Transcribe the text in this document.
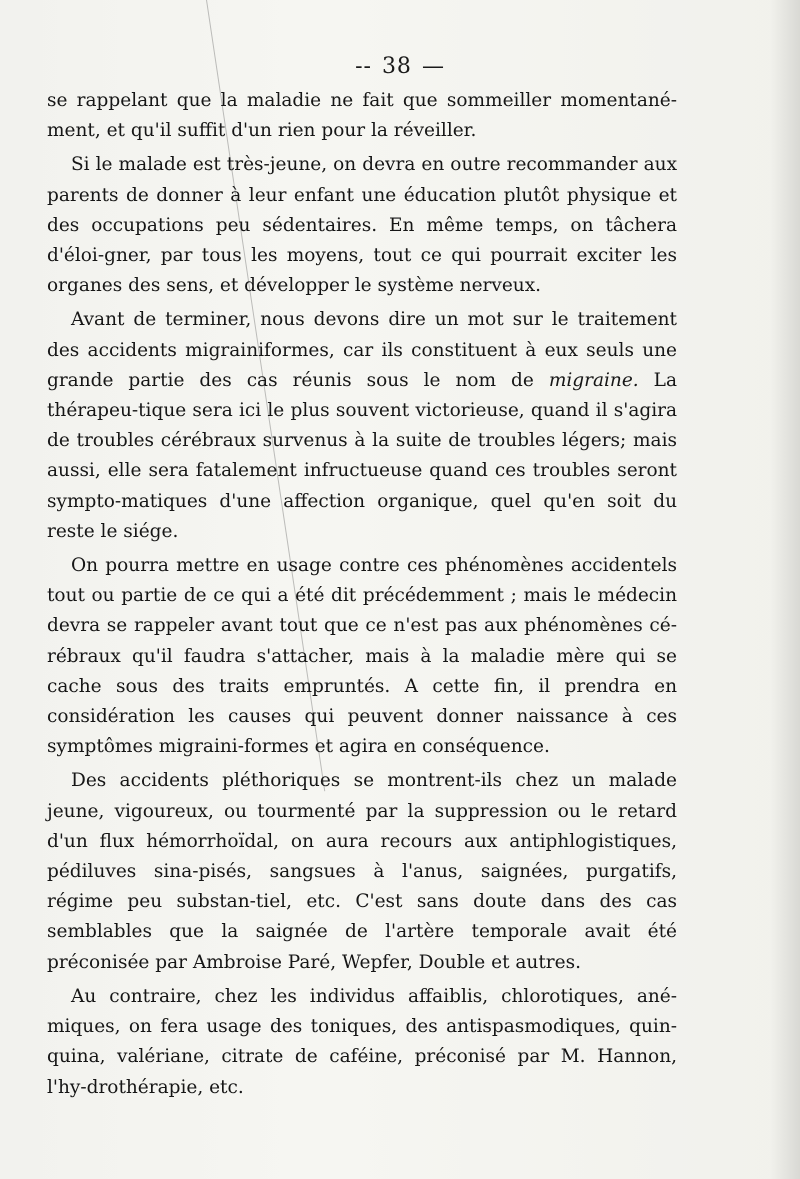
-- 38 —

se rappelant que la maladie ne fait que sommeiller momentané-ment, et qu'il suffit d'un rien pour la réveiller.

Si le malade est très-jeune, on devra en outre recommander aux parents de donner à leur enfant une éducation plutôt physique et des occupations peu sédentaires. En même temps, on tâchera d'éloi-gner, par tous les moyens, tout ce qui pourrait exciter les organes des sens, et développer le système nerveux.

Avant de terminer, nous devons dire un mot sur le traitement des accidents migrainiformes, car ils constituent à eux seuls une grande partie des cas réunis sous le nom de migraine. La thérapeu-tique sera ici le plus souvent victorieuse, quand il s'agira de troubles cérébraux survenus à la suite de troubles légers; mais aussi, elle sera fatalement infructueuse quand ces troubles seront sympto-matiques d'une affection organique, quel qu'en soit du reste le siége.

On pourra mettre en usage contre ces phénomènes accidentels tout ou partie de ce qui a été dit précédemment ; mais le médecin devra se rappeler avant tout que ce n'est pas aux phénomènes cé-rébraux qu'il faudra s'attacher, mais à la maladie mère qui se cache sous des traits empruntés. A cette fin, il prendra en considération les causes qui peuvent donner naissance à ces symptômes migraini-formes et agira en conséquence.

Des accidents pléthoriques se montrent-ils chez un malade jeune, vigoureux, ou tourmenté par la suppression ou le retard d'un flux hémorrhoïdal, on aura recours aux antiphlogistiques, pédiluves sina-pisés, sangsues à l'anus, saignées, purgatifs, régime peu substan-tiel, etc. C'est sans doute dans des cas semblables que la saignée de l'artère temporale avait été préconisée par Ambroise Paré, Wepfer, Double et autres.

Au contraire, chez les individus affaiblis, chlorotiques, ané-miques, on fera usage des toniques, des antispasmodiques, quin-quina, valériane, citrate de caféine, préconisé par M. Hannon, l'hy-drothérapie, etc.
